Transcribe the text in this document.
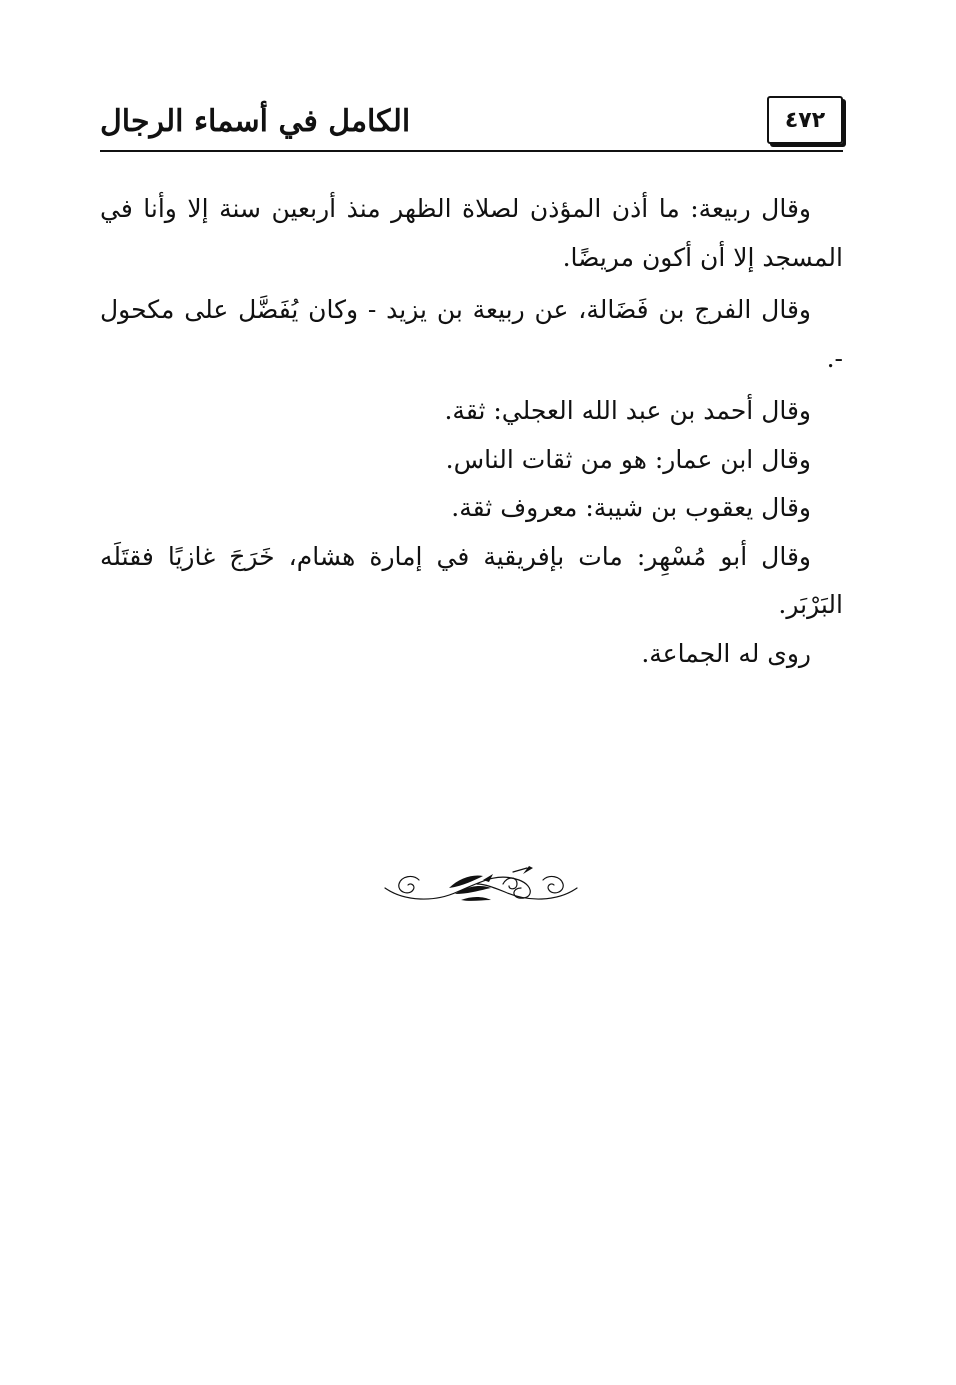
الكامل في أسماء الرجال	٤٧٢

وقال ربيعة: ما أذن المؤذن لصلاة الظهر منذ أربعين سنة إلا وأنا في المسجد إلا أن أكون مريضًا.

وقال الفرج بن فَضَالة، عن ربيعة بن يزيد - وكان يُفَضَّل على مكحول -.

وقال أحمد بن عبد الله العجلي: ثقة.

وقال ابن عمار: هو من ثقات الناس.

وقال يعقوب بن شيبة: معروف ثقة.

وقال أبو مُسْهِر: مات بإفريقية في إمارة هشام، خَرَجَ غازيًا فقتَلَه البَرْبَر.

روى له الجماعة.
